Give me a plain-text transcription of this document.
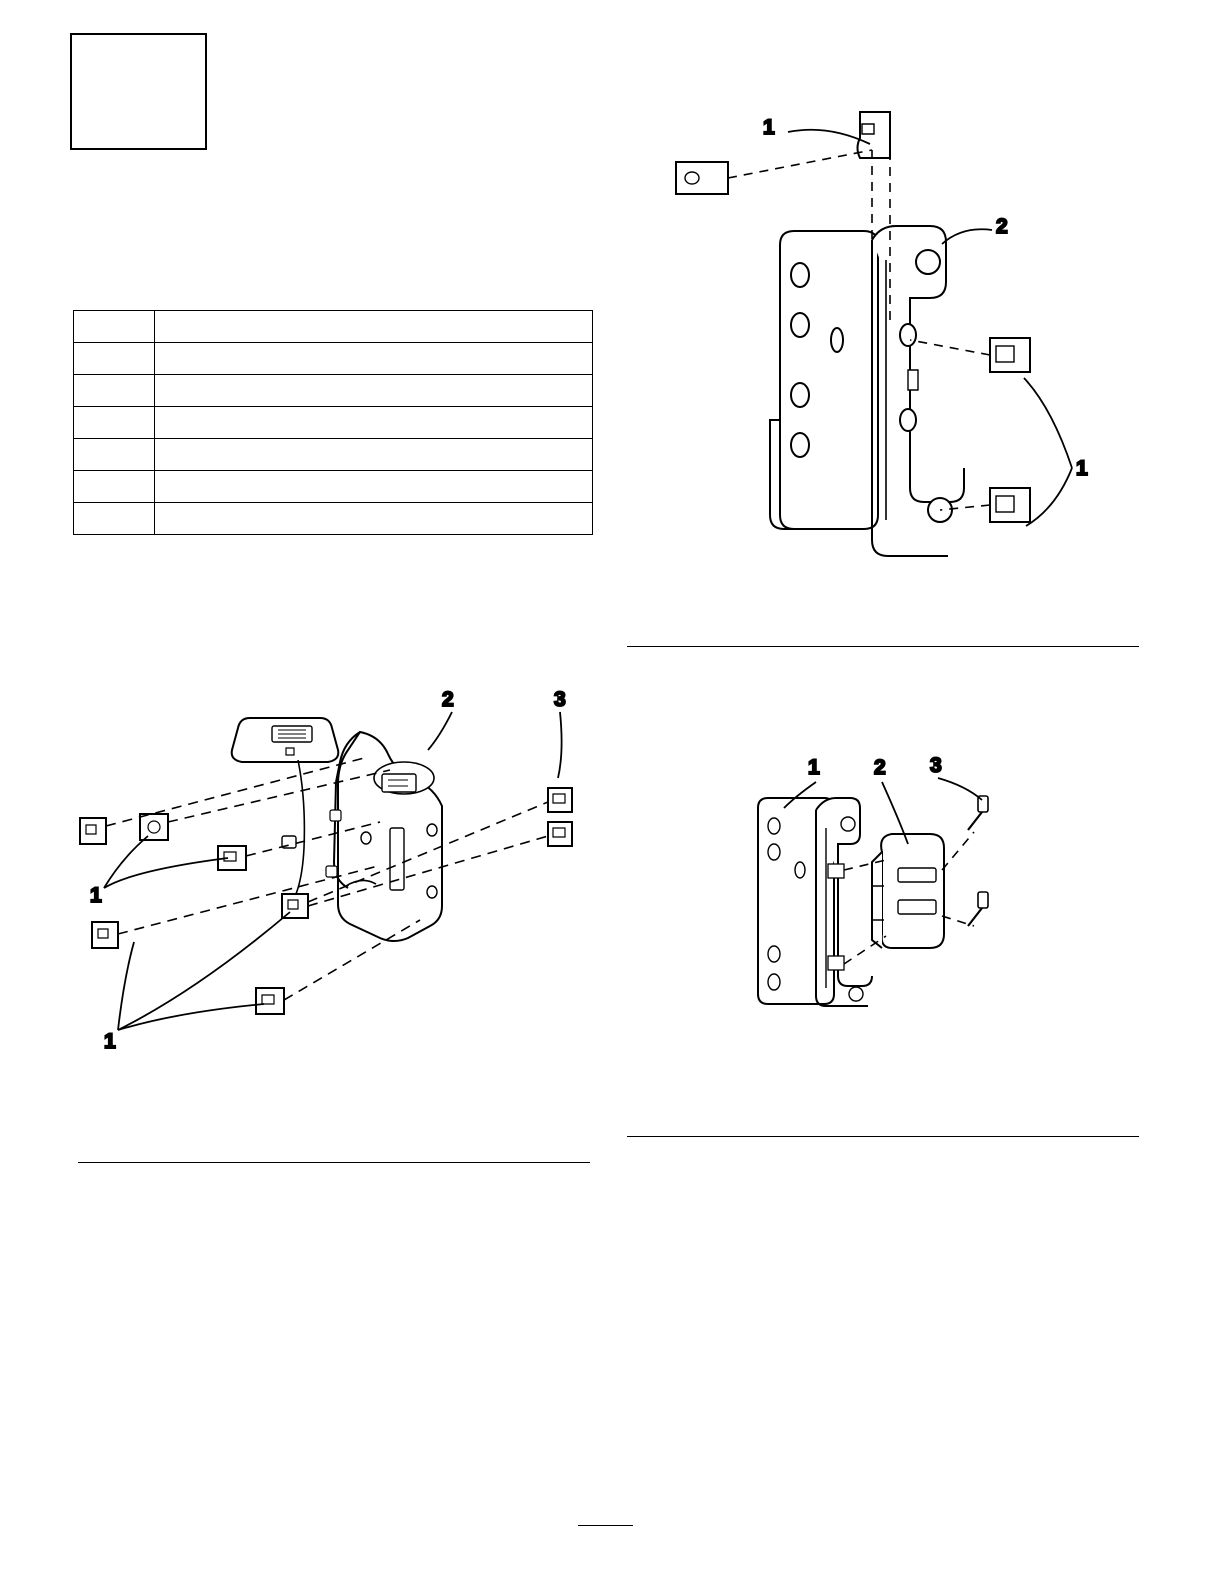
1
2
1
2	3
1
1
1	2 3
